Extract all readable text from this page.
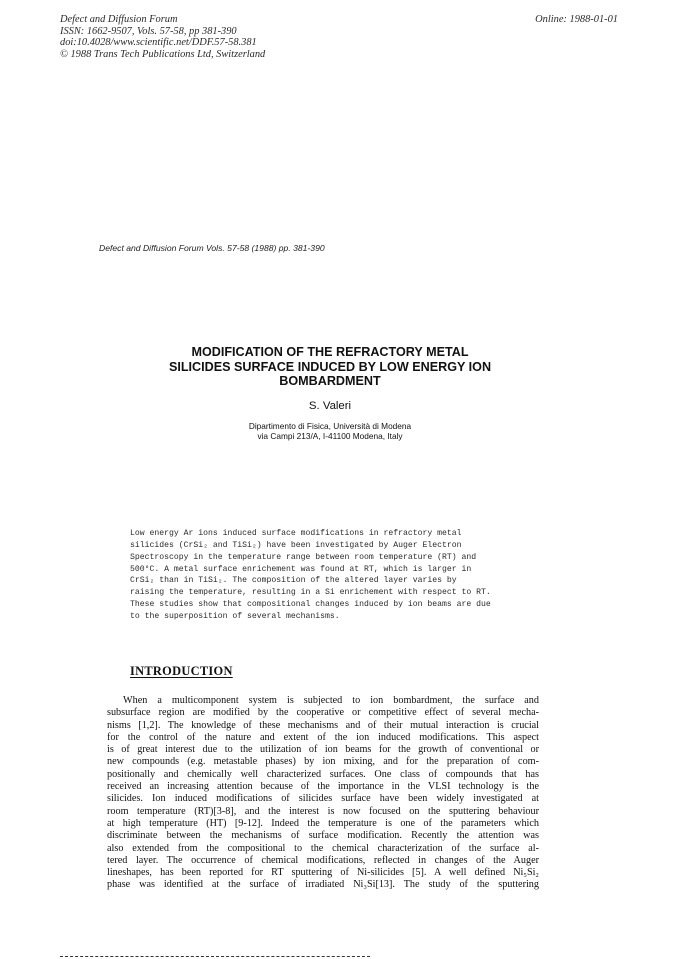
Defect and Diffusion Forum
ISSN: 1662-9507, Vols. 57-58, pp 381-390
doi:10.4028/www.scientific.net/DDF.57-58.381
© 1988 Trans Tech Publications Ltd, Switzerland
Online: 1988-01-01
Defect and Diffusion Forum Vols. 57-58 (1988) pp. 381-390
MODIFICATION OF THE REFRACTORY METAL
SILICIDES SURFACE INDUCED BY LOW ENERGY ION
BOMBARDMENT
S. Valeri
Dipartimento di Fisica, Università di Modena
via Campi 213/A, I-41100 Modena, Italy
Low energy Ar ions induced surface modifications in refractory metal
silicides (CrSi₂ and TiSi₂) have been investigated by Auger Electron
Spectroscopy in the temperature range between room temperature (RT) and
500°C. A metal surface enrichement was found at RT, which is larger in
CrSi₂ than in TiSi₂. The composition of the altered layer varies by
raising the temperature, resulting in a Si enrichement with respect to RT.
These studies show that compositional changes induced by ion beams are due
to the superposition of several mechanisms.
INTRODUCTION
When a multicomponent system is subjected to ion bombardment, the surface and
subsurface region are modified by the cooperative or competitive effect of several mecha-
nisms [1,2]. The knowledge of these mechanisms and of their mutual interaction is crucial
for the control of the nature and extent of the ion induced modifications. This aspect
is of great interest due to the utilization of ion beams for the growth of conventional or
new compounds (e.g. metastable phases) by ion mixing, and for the preparation of com-
positionally and chemically well characterized surfaces. One class of compounds that has
received an increasing attention because of the importance in the VLSI technology is the
silicides. Ion induced modifications of silicides surface have been widely investigated at
room temperature (RT)[3-8], and the interest is now focused on the sputtering behaviour
at high temperature (HT) [9-12]. Indeed the temperature is one of the parameters which
discriminate between the mechanisms of surface modification. Recently the attention was
also extended from the compositional to the chemical characterization of the surface al-
tered layer. The occurrence of chemical modifications, reflected in changes of the Auger
lineshapes, has been reported for RT sputtering of Ni-silicides [5]. A well defined Ni₅Si₂
phase was identified at the surface of irradiated Ni₃Si[13]. The study of the sputtering
